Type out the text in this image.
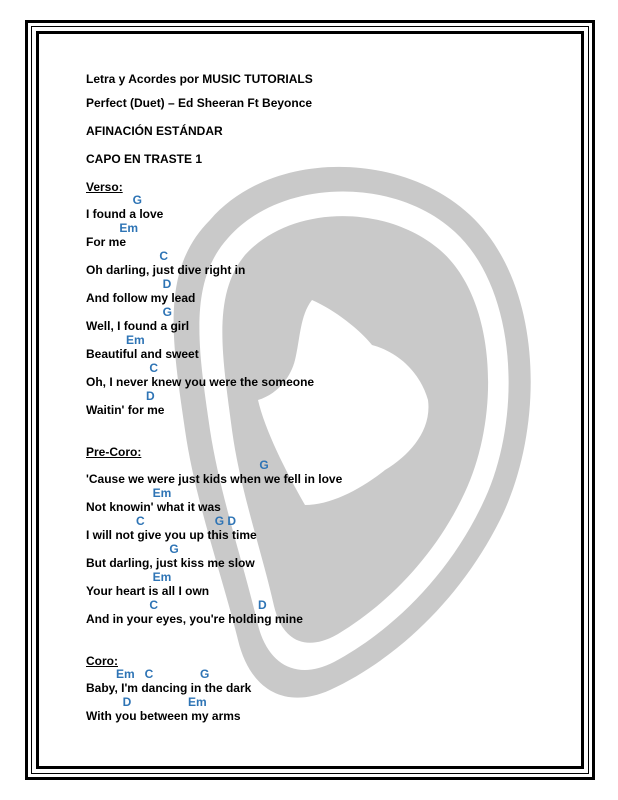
Letra y Acordes por MUSIC TUTORIALS
Perfect (Duet) – Ed Sheeran Ft Beyonce
AFINACIÓN ESTÁNDAR
CAPO EN TRASTE 1
Verso:
G
I found a love
Em
For me
C
Oh darling, just dive right in
D
And follow my lead
G
Well, I found a girl
Em
Beautiful and sweet
C
Oh, I never knew you were the someone
D
Waitin' for me
Pre-Coro:
G
'Cause we were just kids when we fell in love
Em
Not knowin' what it was
C                     G D
I will not give you up this time
G
But darling, just kiss me slow
Em
Your heart is all I own
C                              D
And in your eyes, you're holding mine
Coro:
Em   C              G
Baby, I'm dancing in the dark
D                 Em
With you between my arms
